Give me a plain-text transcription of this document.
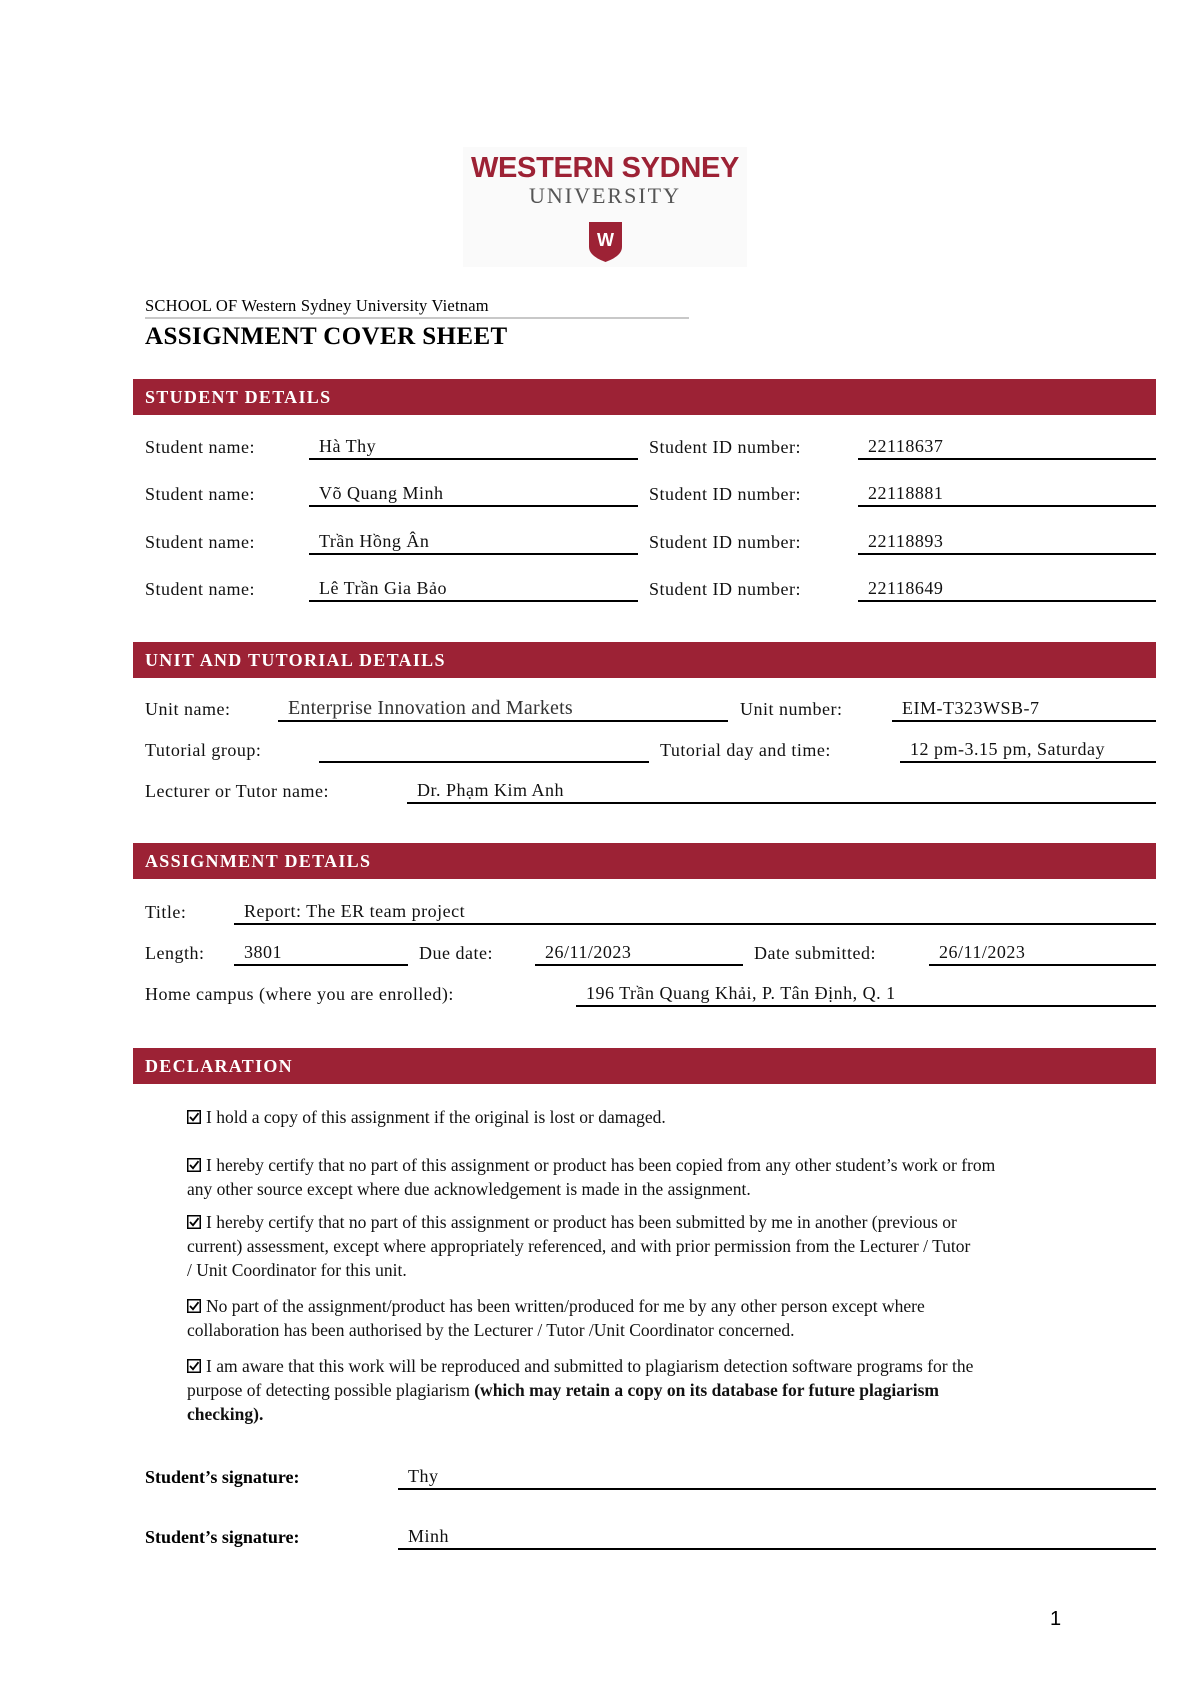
WESTERN SYDNEY
UNIVERSITY
W
SCHOOL OF Western Sydney University Vietnam
ASSIGNMENT COVER SHEET
STUDENT DETAILS
Student name:	Hà Thy	Student ID number:	22118637
Student name:	Võ Quang Minh	Student ID number:	22118881
Student name:	Trần Hồng Ân	Student ID number:	22118893
Student name:	Lê Trần Gia Bảo	Student ID number:	22118649
UNIT AND TUTORIAL DETAILS
Unit name:	Enterprise Innovation and Markets	Unit number:	EIM-T323WSB-7
Tutorial group:	Tutorial day and time:	12 pm-3.15 pm, Saturday
Lecturer or Tutor name:	Dr. Phạm Kim Anh
ASSIGNMENT DETAILS
Title:	Report: The ER team project
Length:	3801	Due date:	26/11/2023	Date submitted:	26/11/2023
Home campus (where you are enrolled):	196 Trần Quang Khải, P. Tân Định, Q. 1
DECLARATION
I hold a copy of this assignment if the original is lost or damaged.
I hereby certify that no part of this assignment or product has been copied from any other student’s work or from
any other source except where due acknowledgement is made in the assignment.
I hereby certify that no part of this assignment or product has been submitted by me in another (previous or
current) assessment, except where appropriately referenced, and with prior permission from the Lecturer / Tutor
/ Unit Coordinator for this unit.
No part of the assignment/product has been written/produced for me by any other person except where
collaboration has been authorised by the Lecturer / Tutor /Unit Coordinator concerned.
I am aware that this work will be reproduced and submitted to plagiarism detection software programs for the
purpose of detecting possible plagiarism (which may retain a copy on its database for future plagiarism
checking).
Student’s signature:	Thy
Student’s signature:	Minh
1
